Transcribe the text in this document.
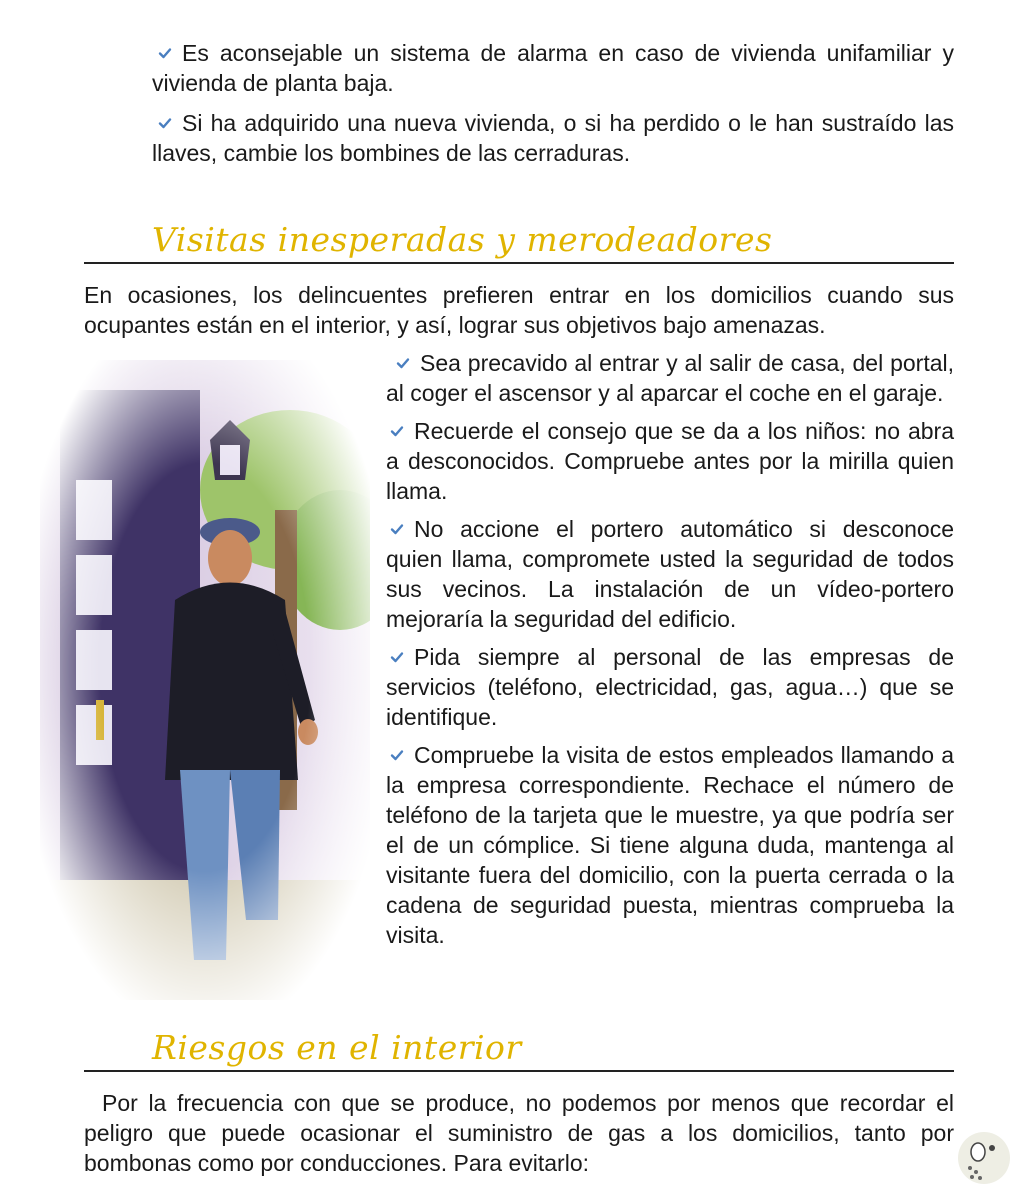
Es aconsejable un sistema de alarma en caso de vivienda unifamiliar y vivienda de planta baja.

Si ha adquirido una nueva vivienda, o si ha perdido o le han sustraído las llaves, cambie los bombines de las cerraduras.

Visitas inesperadas y merodeadores

En ocasiones, los delincuentes prefieren entrar en los domicilios cuando sus ocupantes están en el interior, y así, lograr sus objetivos bajo amenazas.

Sea precavido al entrar y al salir de casa, del portal, al coger el ascensor y al aparcar el coche en el garaje.

Recuerde el consejo que se da a los niños: no abra a desconocidos. Compruebe antes por la mirilla quien llama.

No accione el portero automático si desconoce quien llama, compromete usted la seguridad de todos sus vecinos. La instalación de un vídeo-portero mejoraría la seguridad del edificio.

Pida siempre al personal de las empresas de servicios (teléfono, electricidad, gas, agua…) que se identifique.

Compruebe la visita de estos empleados llamando a la empresa correspondiente. Rechace el número de teléfono de la tarjeta que le muestre, ya que podría ser el de un cómplice. Si tiene alguna duda, mantenga al visitante fuera del domicilio, con la puerta cerrada o la cadena de seguridad puesta, mientras comprueba la visita.

Riesgos en el interior

Por la frecuencia con que se produce, no podemos por menos que recordar el peligro que puede ocasionar el suministro de gas a los domicilios, tanto por bombonas como por conducciones. Para evitarlo:
